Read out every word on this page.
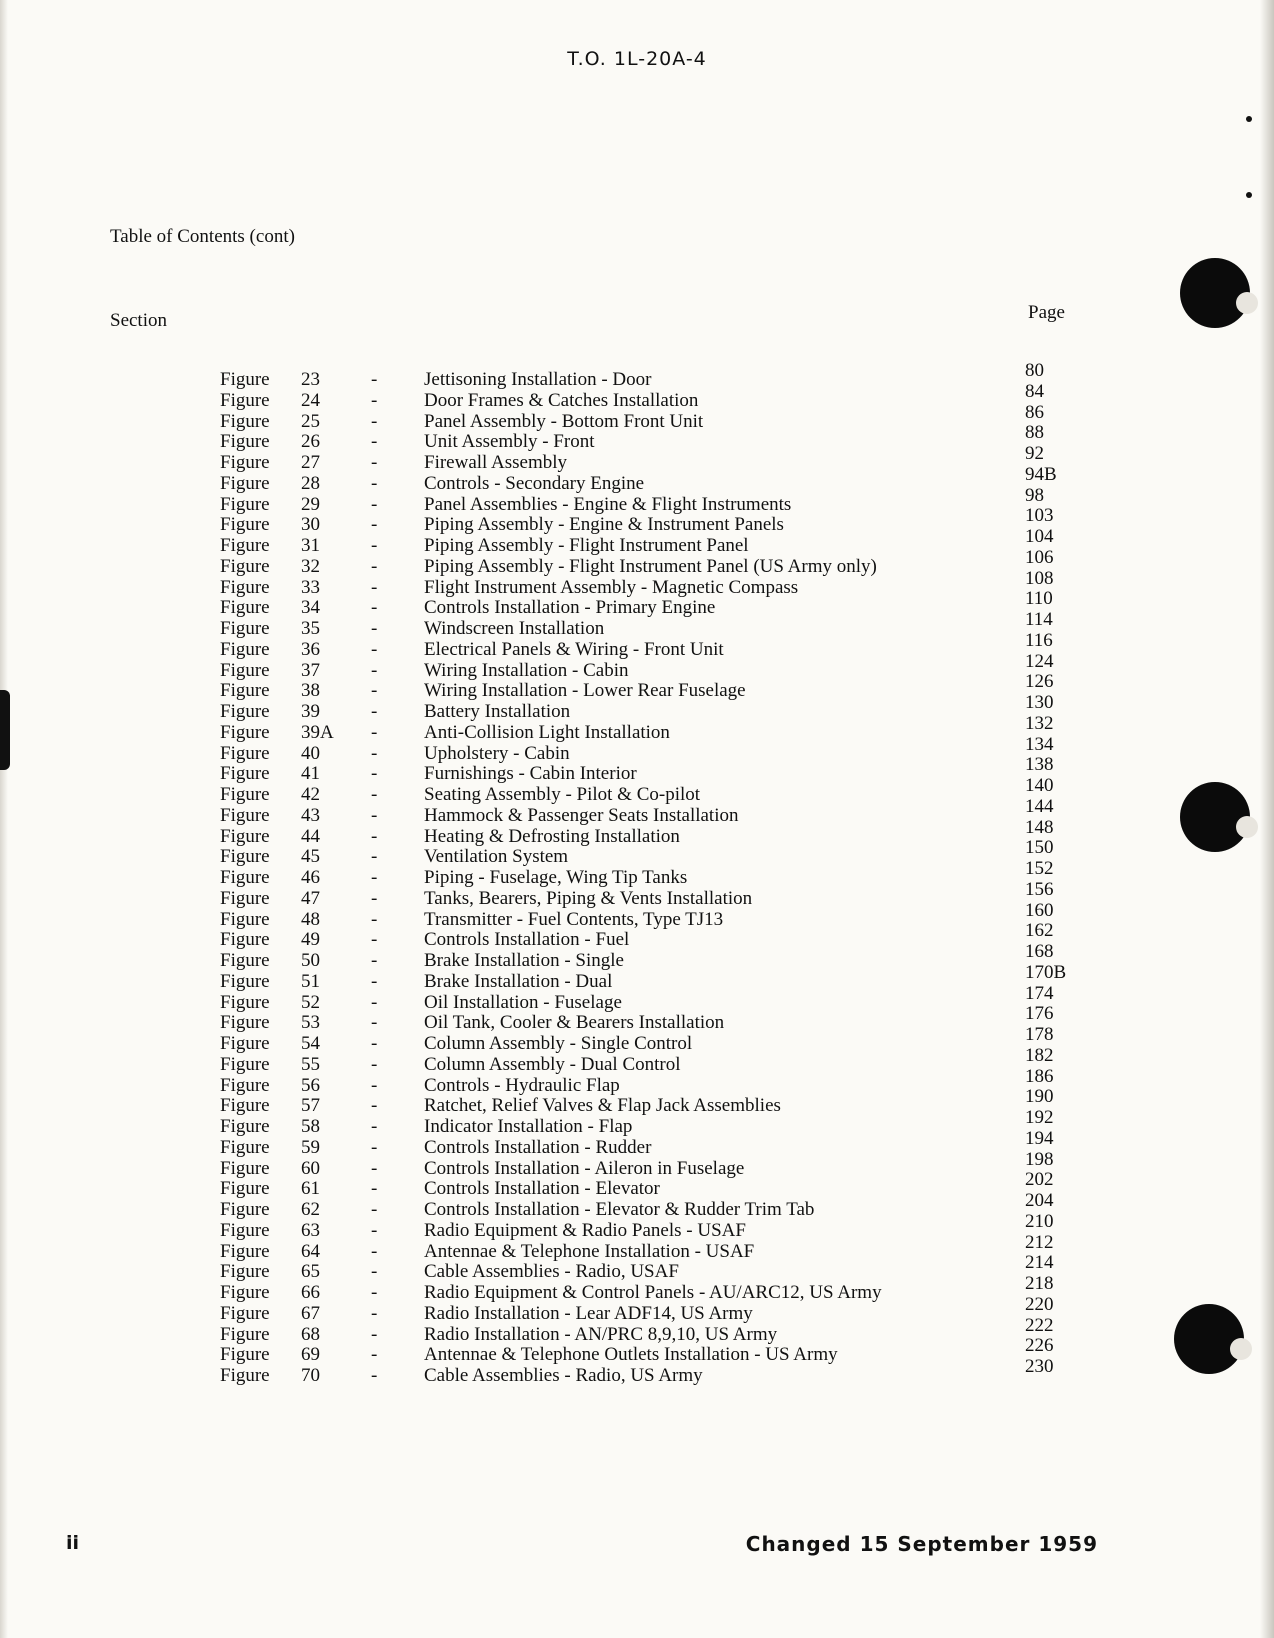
T.O. 1L-20A-4
Table of Contents (cont)
Section	Page
Figure 23	- Jettisoning Installation - Door	80
Figure 24	- Door Frames & Catches Installation	84
Figure 25	- Panel Assembly - Bottom Front Unit	86
Figure 26	- Unit Assembly - Front	88
Figure 27	- Firewall Assembly	92
Figure 28	- Controls - Secondary Engine	94B
Figure 29	- Panel Assemblies - Engine & Flight Instruments	98
Figure 30	- Piping Assembly - Engine & Instrument Panels	103
Figure 31	- Piping Assembly - Flight Instrument Panel	104
Figure 32	- Piping Assembly - Flight Instrument Panel (US Army only)	106
Figure 33	- Flight Instrument Assembly - Magnetic Compass	108
Figure 34	- Controls Installation - Primary Engine	110
Figure 35	- Windscreen Installation	114
Figure 36	- Electrical Panels & Wiring - Front Unit	116
Figure 37	- Wiring Installation - Cabin	124
Figure 38	- Wiring Installation - Lower Rear Fuselage	126
Figure 39	- Battery Installation	130
Figure 39A - Anti-Collision Light Installation	132
Figure 40	- Upholstery - Cabin	134
Figure 41	- Furnishings - Cabin Interior	138
Figure 42	- Seating Assembly - Pilot & Co-pilot	140
Figure 43	- Hammock & Passenger Seats Installation	144
Figure 44	- Heating & Defrosting Installation	148
Figure 45	- Ventilation System	150
Figure 46	- Piping - Fuselage, Wing Tip Tanks	152
Figure 47	- Tanks, Bearers, Piping & Vents Installation	156
Figure 48	- Transmitter - Fuel Contents, Type TJ13	160
Figure 49	- Controls Installation - Fuel	162
Figure 50	- Brake Installation - Single	168
Figure 51	- Brake Installation - Dual	170B
Figure 52	- Oil Installation - Fuselage	174
Figure 53	- Oil Tank, Cooler & Bearers Installation	176
Figure 54	- Column Assembly - Single Control	178
Figure 55	- Column Assembly - Dual Control	182
Figure 56	- Controls - Hydraulic Flap	186
Figure 57	- Ratchet, Relief Valves & Flap Jack Assemblies	190
Figure 58	- Indicator Installation - Flap	192
Figure 59	- Controls Installation - Rudder	194
Figure 60	- Controls Installation - Aileron in Fuselage	198
Figure 61	- Controls Installation - Elevator	202
Figure 62	- Controls Installation - Elevator & Rudder Trim Tab	204
Figure 63	- Radio Equipment & Radio Panels - USAF	210
Figure 64	- Antennae & Telephone Installation - USAF	212
Figure 65	- Cable Assemblies - Radio, USAF	214
Figure 66	- Radio Equipment & Control Panels - AU/ARC12, US Army	218
Figure 67	- Radio Installation - Lear ADF14, US Army	220
Figure 68	- Radio Installation - AN/PRC 8,9,10, US Army	222
Figure 69	- Antennae & Telephone Outlets Installation - US Army	226
Figure 70	- Cable Assemblies - Radio, US Army	230
ii	Changed 15 September 1959
